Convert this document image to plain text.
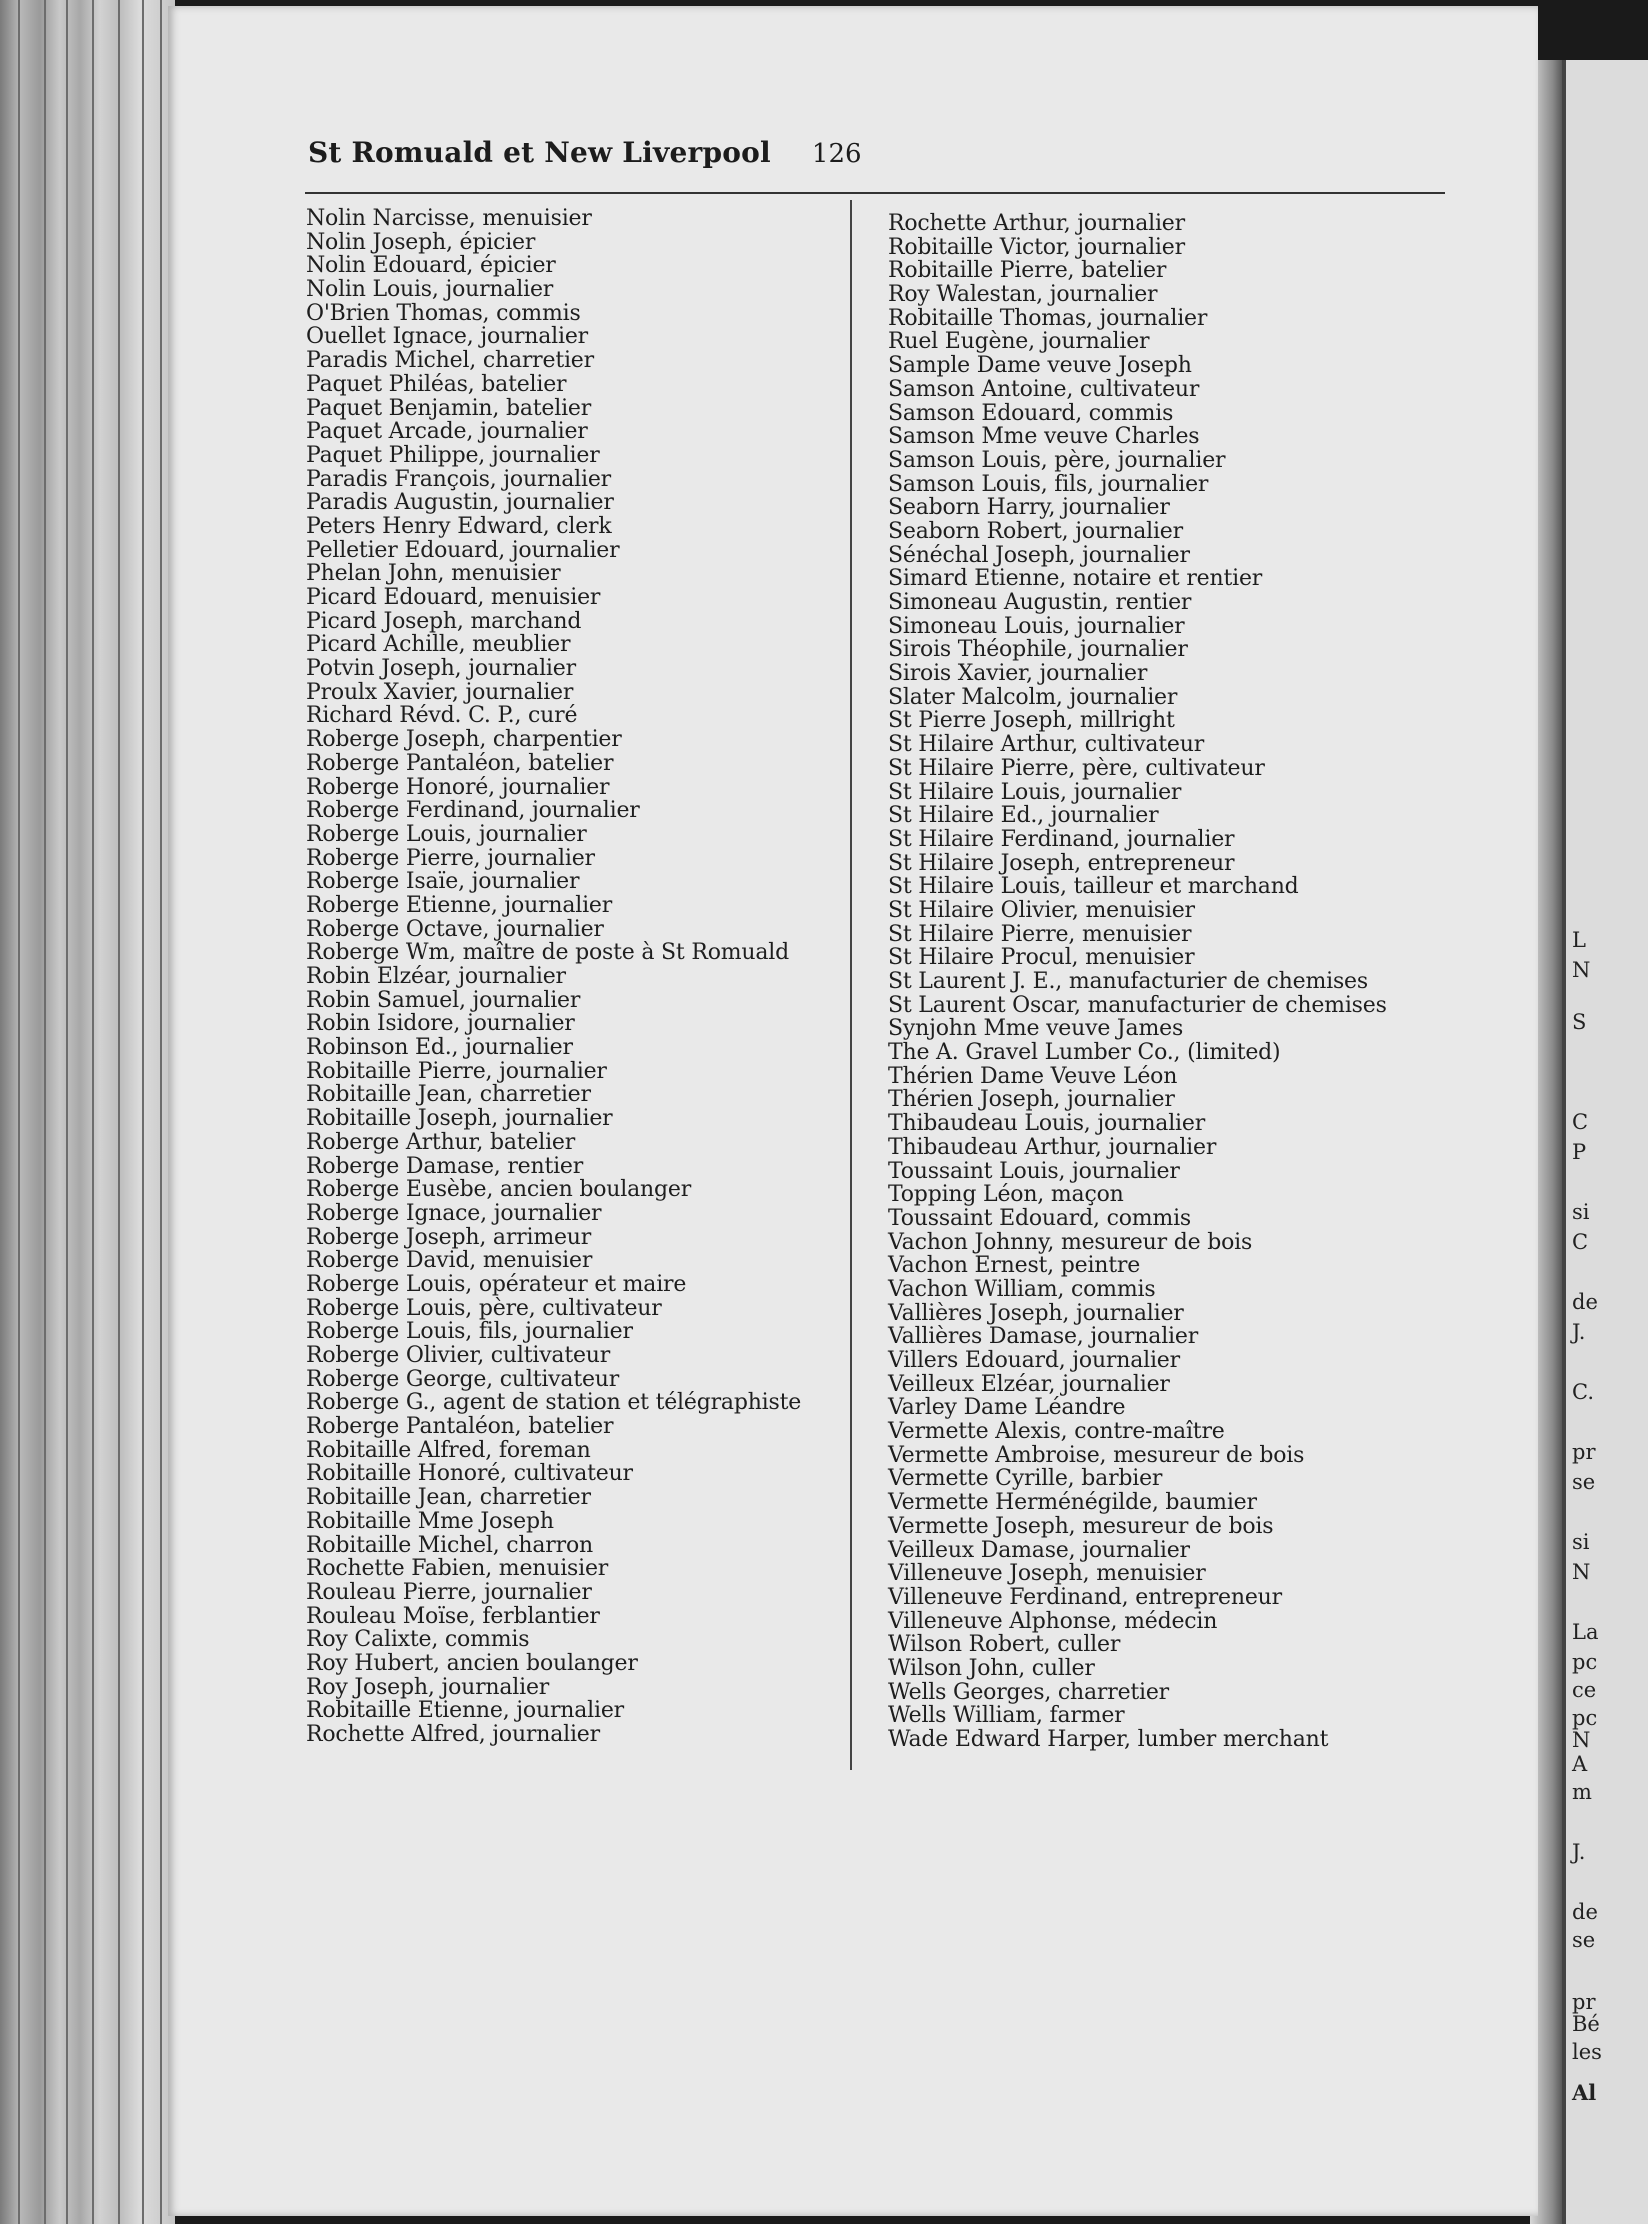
L
N
S
C
P
si
C
de
J.
C.
pr
se
si
N
La
pc
ce
pc
N
A
m
J.
de
se
pr
Bé
les
Al
St Romuald et New Liverpool 126
Nolin Narcisse, menuisier
Nolin Joseph, épicier
Nolin Edouard, épicier
Nolin Louis, journalier
O'Brien Thomas, commis
Ouellet Ignace, journalier
Paradis Michel, charretier
Paquet Philéas, batelier
Paquet Benjamin, batelier
Paquet Arcade, journalier
Paquet Philippe, journalier
Paradis François, journalier
Paradis Augustin, journalier
Peters Henry Edward, clerk
Pelletier Edouard, journalier
Phelan John, menuisier
Picard Edouard, menuisier
Picard Joseph, marchand
Picard Achille, meublier
Potvin Joseph, journalier
Proulx Xavier, journalier
Richard Révd. C. P., curé
Roberge Joseph, charpentier
Roberge Pantaléon, batelier
Roberge Honoré, journalier
Roberge Ferdinand, journalier
Roberge Louis, journalier
Roberge Pierre, journalier
Roberge Isaïe, journalier
Roberge Etienne, journalier
Roberge Octave, journalier
Roberge Wm, maître de poste à St Romuald
Robin Elzéar, journalier
Robin Samuel, journalier
Robin Isidore, journalier
Robinson Ed., journalier
Robitaille Pierre, journalier
Robitaille Jean, charretier
Robitaille Joseph, journalier
Roberge Arthur, batelier
Roberge Damase, rentier
Roberge Eusèbe, ancien boulanger
Roberge Ignace, journalier
Roberge Joseph, arrimeur
Roberge David, menuisier
Roberge Louis, opérateur et maire
Roberge Louis, père, cultivateur
Roberge Louis, fils, journalier
Roberge Olivier, cultivateur
Roberge George, cultivateur
Roberge G., agent de station et télégraphiste
Roberge Pantaléon, batelier
Robitaille Alfred, foreman
Robitaille Honoré, cultivateur
Robitaille Jean, charretier
Robitaille Mme Joseph
Robitaille Michel, charron
Rochette Fabien, menuisier
Rouleau Pierre, journalier
Rouleau Moïse, ferblantier
Roy Calixte, commis
Roy Hubert, ancien boulanger
Roy Joseph, journalier
Robitaille Etienne, journalier
Rochette Alfred, journalier
Rochette Arthur, journalier
Robitaille Victor, journalier
Robitaille Pierre, batelier
Roy Walestan, journalier
Robitaille Thomas, journalier
Ruel Eugène, journalier
Sample Dame veuve Joseph
Samson Antoine, cultivateur
Samson Edouard, commis
Samson Mme veuve Charles
Samson Louis, père, journalier
Samson Louis, fils, journalier
Seaborn Harry, journalier
Seaborn Robert, journalier
Sénéchal Joseph, journalier
Simard Etienne, notaire et rentier
Simoneau Augustin, rentier
Simoneau Louis, journalier
Sirois Théophile, journalier
Sirois Xavier, journalier
Slater Malcolm, journalier
St Pierre Joseph, millright
St Hilaire Arthur, cultivateur
St Hilaire Pierre, père, cultivateur
St Hilaire Louis, journalier
St Hilaire Ed., journalier
St Hilaire Ferdinand, journalier
St Hilaire Joseph, entrepreneur
St Hilaire Louis, tailleur et marchand
St Hilaire Olivier, menuisier
St Hilaire Pierre, menuisier
St Hilaire Procul, menuisier
St Laurent J. E., manufacturier de chemises
St Laurent Oscar, manufacturier de chemises
Synjohn Mme veuve James
The A. Gravel Lumber Co., (limited)
Thérien Dame Veuve Léon
Thérien Joseph, journalier
Thibaudeau Louis, journalier
Thibaudeau Arthur, journalier
Toussaint Louis, journalier
Topping Léon, maçon
Toussaint Edouard, commis
Vachon Johnny, mesureur de bois
Vachon Ernest, peintre
Vachon William, commis
Vallières Joseph, journalier
Vallières Damase, journalier
Villers Edouard, journalier
Veilleux Elzéar, journalier
Varley Dame Léandre
Vermette Alexis, contre-maître
Vermette Ambroise, mesureur de bois
Vermette Cyrille, barbier
Vermette Herménégilde, baumier
Vermette Joseph, mesureur de bois
Veilleux Damase, journalier
Villeneuve Joseph, menuisier
Villeneuve Ferdinand, entrepreneur
Villeneuve Alphonse, médecin
Wilson Robert, culler
Wilson John, culler
Wells Georges, charretier
Wells William, farmer
Wade Edward Harper, lumber merchant
